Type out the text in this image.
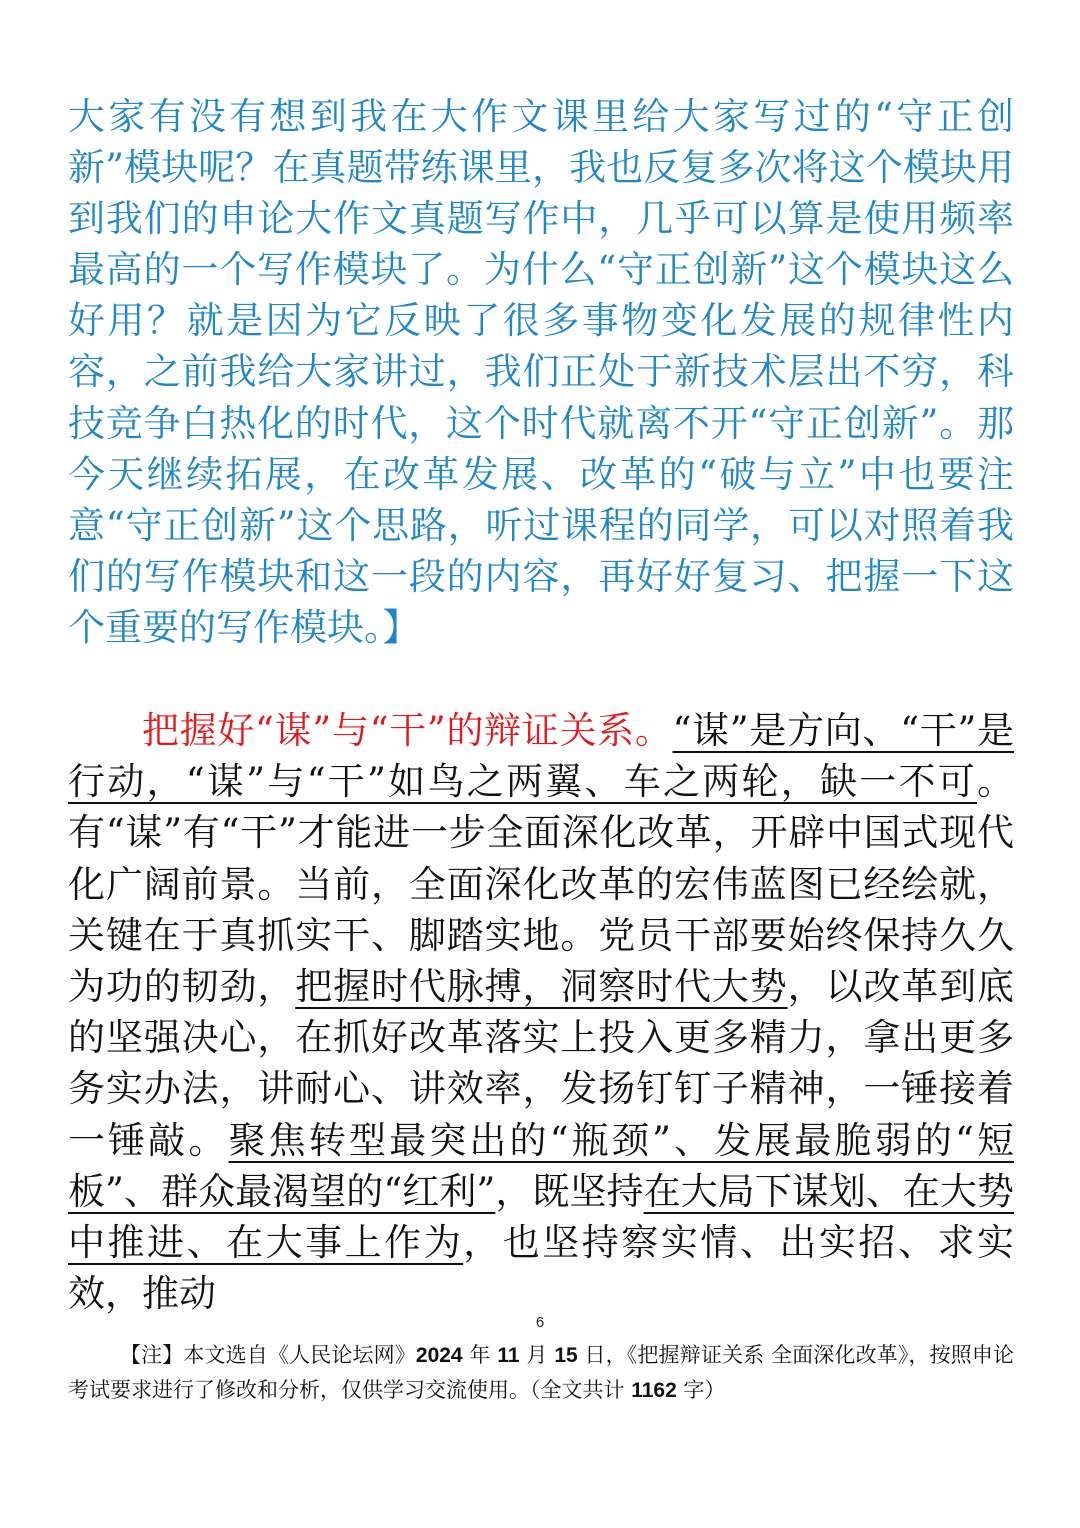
大家有没有想到我在大作文课里给大家写过的“守正创新”模块呢？在真题带练课里，我也反复多次将这个模块用到我们的申论大作文真题写作中，几乎可以算是使用频率最高的一个写作模块了。为什么“守正创新”这个模块这么好用？就是因为它反映了很多事物变化发展的规律性内容，之前我给大家讲过，我们正处于新技术层出不穷，科技竞争白热化的时代，这个时代就离不开“守正创新”。那今天继续拓展，在改革发展、改革的“破与立”中也要注意“守正创新”这个思路，听过课程的同学，可以对照着我们的写作模块和这一段的内容，再好好复习、把握一下这个重要的写作模块。】

把握好“谋”与“干”的辩证关系。“谋”是方向、“干”是行动，“谋”与“干”如鸟之两翼、车之两轮，缺一不可。有“谋”有“干”才能进一步全面深化改革，开辟中国式现代化广阔前景。当前，全面深化改革的宏伟蓝图已经绘就，关键在于真抓实干、脚踏实地。党员干部要始终保持久久为功的韧劲，把握时代脉搏，洞察时代大势，以改革到底的坚强决心，在抓好改革落实上投入更多精力，拿出更多务实办法，讲耐心、讲效率，发扬钉钉子精神，一锤接着一锤敲。聚焦转型最突出的“瓶颈”、发展最脆弱的“短板”、群众最渴望的“红利”，既坚持在大局下谋划、在大势中推进、在大事上作为，也坚持察实情、出实招、求实效，推动

6

【注】本文选自《人民论坛网》2024 年 11 月 15 日，《把握辩证关系 全面深化改革》，按照申论考试要求进行了修改和分析，仅供学习交流使用。（全文共计 1162 字）
